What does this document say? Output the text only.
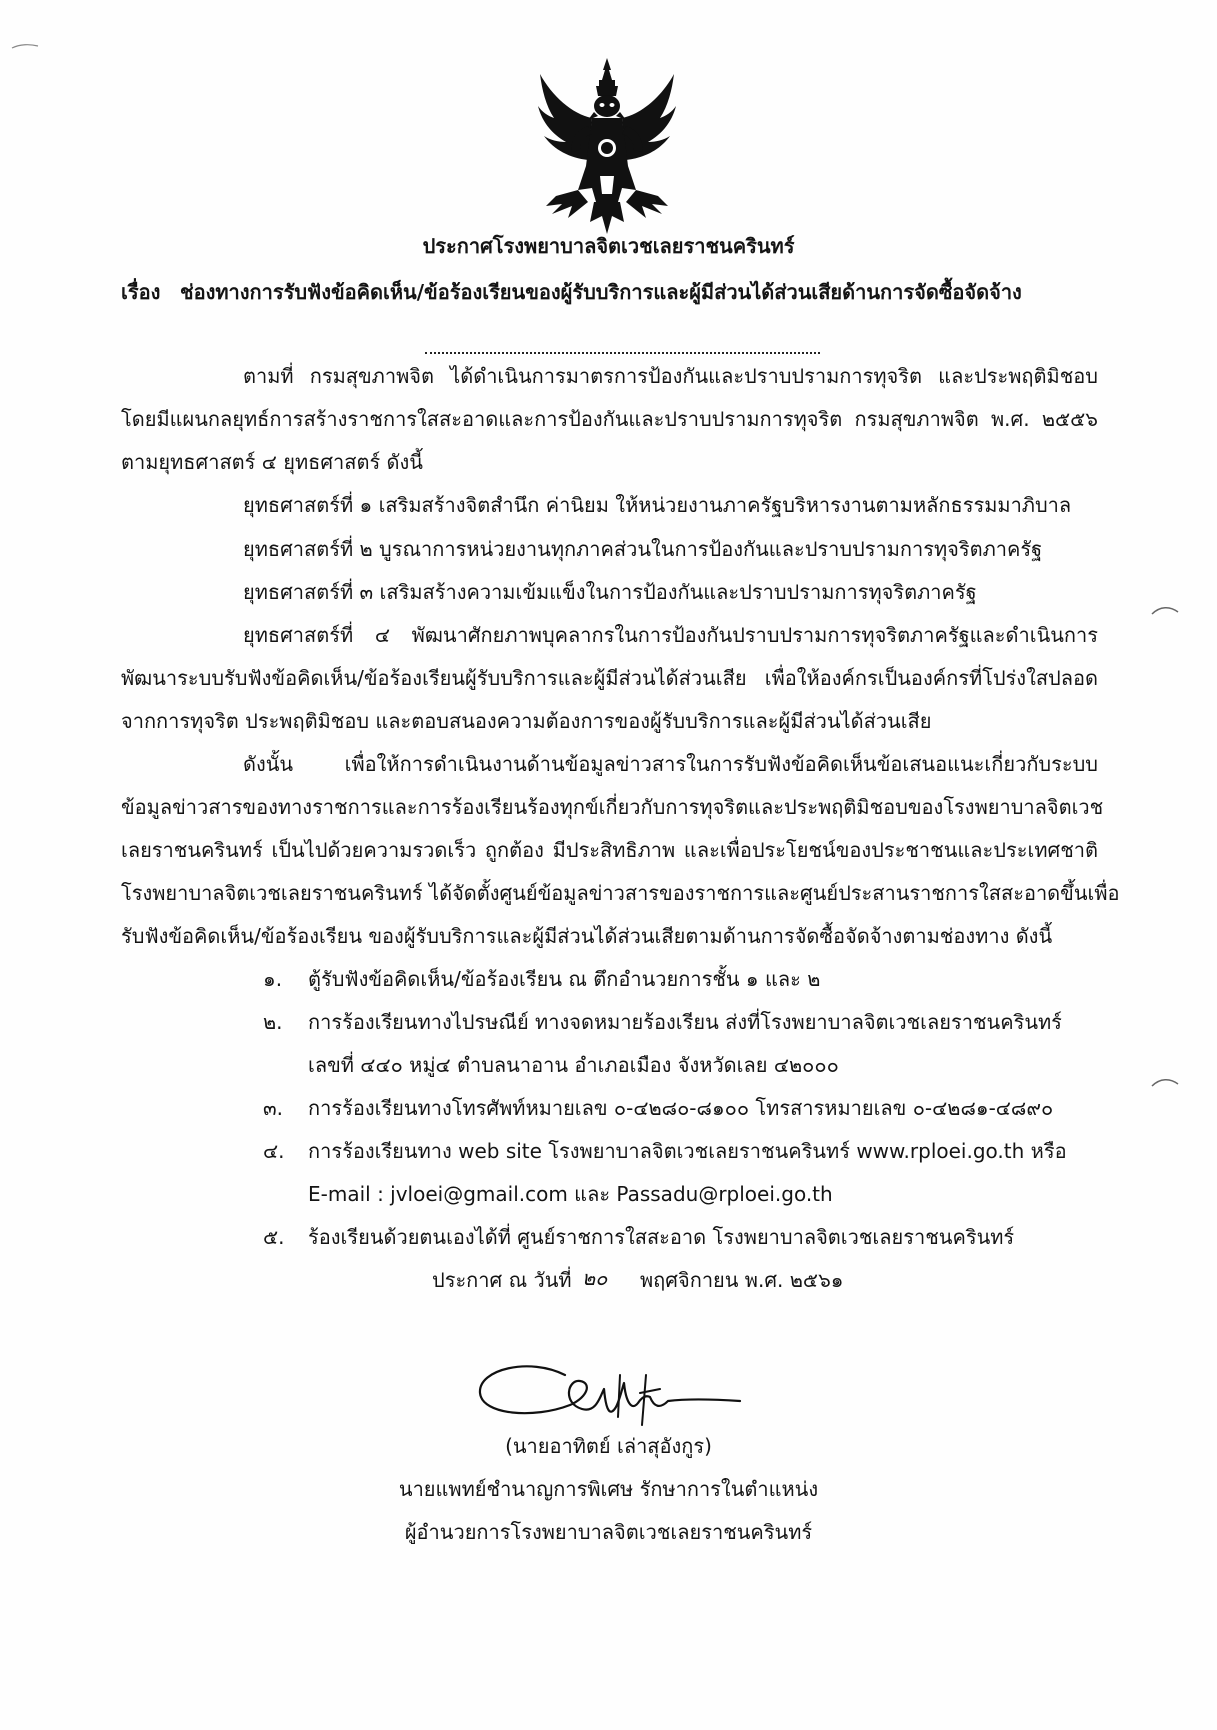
ประกาศโรงพยาบาลจิตเวชเลยราชนครินทร์
เรื่อง ช่องทางการรับฟังข้อคิดเห็น/ข้อร้องเรียนของผู้รับบริการและผู้มีส่วนได้ส่วนเสียด้านการจัดซื้อจัดจ้าง
ตามที่ กรมสุขภาพจิต ได้ดำเนินการมาตรการป้องกันและปราบปรามการทุจริต และประพฤติมิชอบ
โดยมีแผนกลยุทธ์การสร้างราชการใสสะอาดและการป้องกันและปราบปรามการทุจริต กรมสุขภาพจิต พ.ศ. ๒๕๕๖
ตามยุทธศาสตร์ ๔ ยุทธศาสตร์ ดังนี้
ยุทธศาสตร์ที่ ๑ เสริมสร้างจิตสำนึก ค่านิยม ให้หน่วยงานภาครัฐบริหารงานตามหลักธรรมมาภิบาล
ยุทธศาสตร์ที่ ๒ บูรณาการหน่วยงานทุกภาคส่วนในการป้องกันและปราบปรามการทุจริตภาครัฐ
ยุทธศาสตร์ที่ ๓ เสริมสร้างความเข้มแข็งในการป้องกันและปราบปรามการทุจริตภาครัฐ
ยุทธศาสตร์ที่ ๔ พัฒนาศักยภาพบุคลากรในการป้องกันปราบปรามการทุจริตภาครัฐและดำเนินการ
พัฒนาระบบรับฟังข้อคิดเห็น/ข้อร้องเรียนผู้รับบริการและผู้มีส่วนได้ส่วนเสีย เพื่อให้องค์กรเป็นองค์กรที่โปร่งใสปลอด
จากการทุจริต ประพฤติมิชอบ และตอบสนองความต้องการของผู้รับบริการและผู้มีส่วนได้ส่วนเสีย
ดังนั้น เพื่อให้การดำเนินงานด้านข้อมูลข่าวสารในการรับฟังข้อคิดเห็นข้อเสนอแนะเกี่ยวกับระบบ
ข้อมูลข่าวสารของทางราชการและการร้องเรียนร้องทุกข์เกี่ยวกับการทุจริตและประพฤติมิชอบของโรงพยาบาลจิตเวช
เลยราชนครินทร์ เป็นไปด้วยความรวดเร็ว ถูกต้อง มีประสิทธิภาพ และเพื่อประโยชน์ของประชาชนและประเทศชาติ
โรงพยาบาลจิตเวชเลยราชนครินทร์ ได้จัดตั้งศูนย์ข้อมูลข่าวสารของราชการและศูนย์ประสานราชการใสสะอาดขึ้นเพื่อ
รับฟังข้อคิดเห็น/ข้อร้องเรียน ของผู้รับบริการและผู้มีส่วนได้ส่วนเสียตามด้านการจัดซื้อจัดจ้างตามช่องทาง ดังนี้
๑. ตู้รับฟังข้อคิดเห็น/ข้อร้องเรียน ณ ตึกอำนวยการชั้น ๑ และ ๒
๒. การร้องเรียนทางไปรษณีย์ ทางจดหมายร้องเรียน ส่งที่โรงพยาบาลจิตเวชเลยราชนครินทร์
เลขที่ ๔๔๐ หมู่๔ ตำบลนาอาน อำเภอเมือง จังหวัดเลย ๔๒๐๐๐
๓. การร้องเรียนทางโทรศัพท์หมายเลข ๐-๔๒๘๐-๘๑๐๐ โทรสารหมายเลข ๐-๔๒๘๑-๔๘๙๐
๔. การร้องเรียนทาง web site โรงพยาบาลจิตเวชเลยราชนครินทร์ www.rploei.go.th หรือ
E-mail : jvloei@gmail.com และ Passadu@rploei.go.th
๕. ร้องเรียนด้วยตนเองได้ที่ ศูนย์ราชการใสสะอาด โรงพยาบาลจิตเวชเลยราชนครินทร์
ประกาศ ณ วันที่ ๒๐ พฤศจิกายน พ.ศ. ๒๕๖๑
(นายอาทิตย์ เล่าสุอังกูร)
นายแพทย์ชำนาญการพิเศษ รักษาการในตำแหน่ง
ผู้อำนวยการโรงพยาบาลจิตเวชเลยราชนครินทร์
